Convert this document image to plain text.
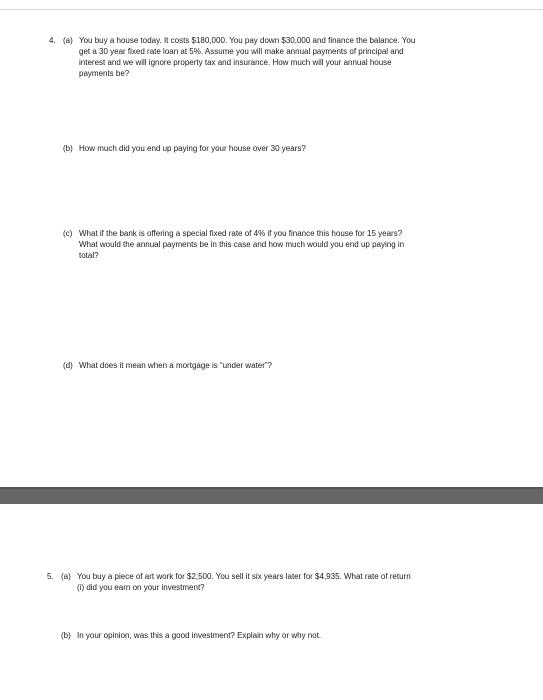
4. (a) You buy a house today. It costs $180,000. You pay down $30,000 and finance the balance. You
get a 30 year fixed rate loan at 5%. Assume you will make annual payments of principal and
interest and we will ignore property tax and insurance. How much will your annual house
payments be?
(b) How much did you end up paying for your house over 30 years?
(c) What if the bank is offering a special fixed rate of 4% if you finance this house for 15 years?
What would the annual payments be in this case and how much would you end up paying in
total?
(d) What does it mean when a mortgage is “under water”?
5. (a) You buy a piece of art work for $2,500. You sell it six years later for $4,935. What rate of return
(i) did you earn on your investment?
(b) In your opinion, was this a good investment? Explain why or why not.
